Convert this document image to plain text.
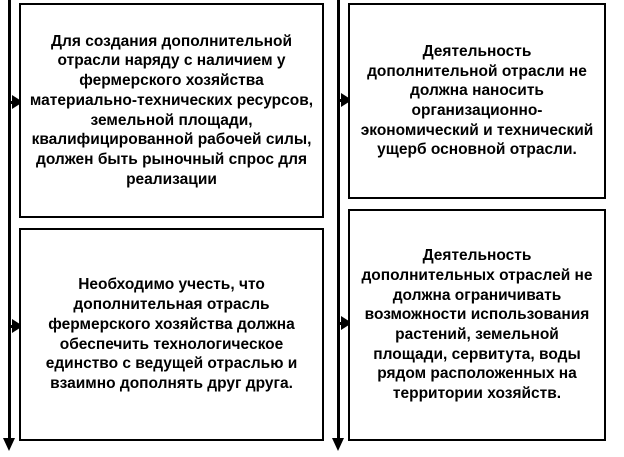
Для создания дополнительной отрасли наряду с наличием у фермерского хозяйства материально-технических ресурсов, земельной площади, квалифицированной рабочей силы, должен быть рыночный спрос для реализации
Необходимо учесть, что дополнительная отрасль фермерского хозяйства должна обеспечить технологическое единство с ведущей отраслью и взаимно дополнять друг друга.
Деятельность дополнительной отрасли не должна наносить организационно-экономический и технический ущерб основной отрасли.
Деятельность дополнительных отраслей не должна ограничивать возможности использования растений, земельной площади, сервитута, воды рядом расположенных на территории хозяйств.
